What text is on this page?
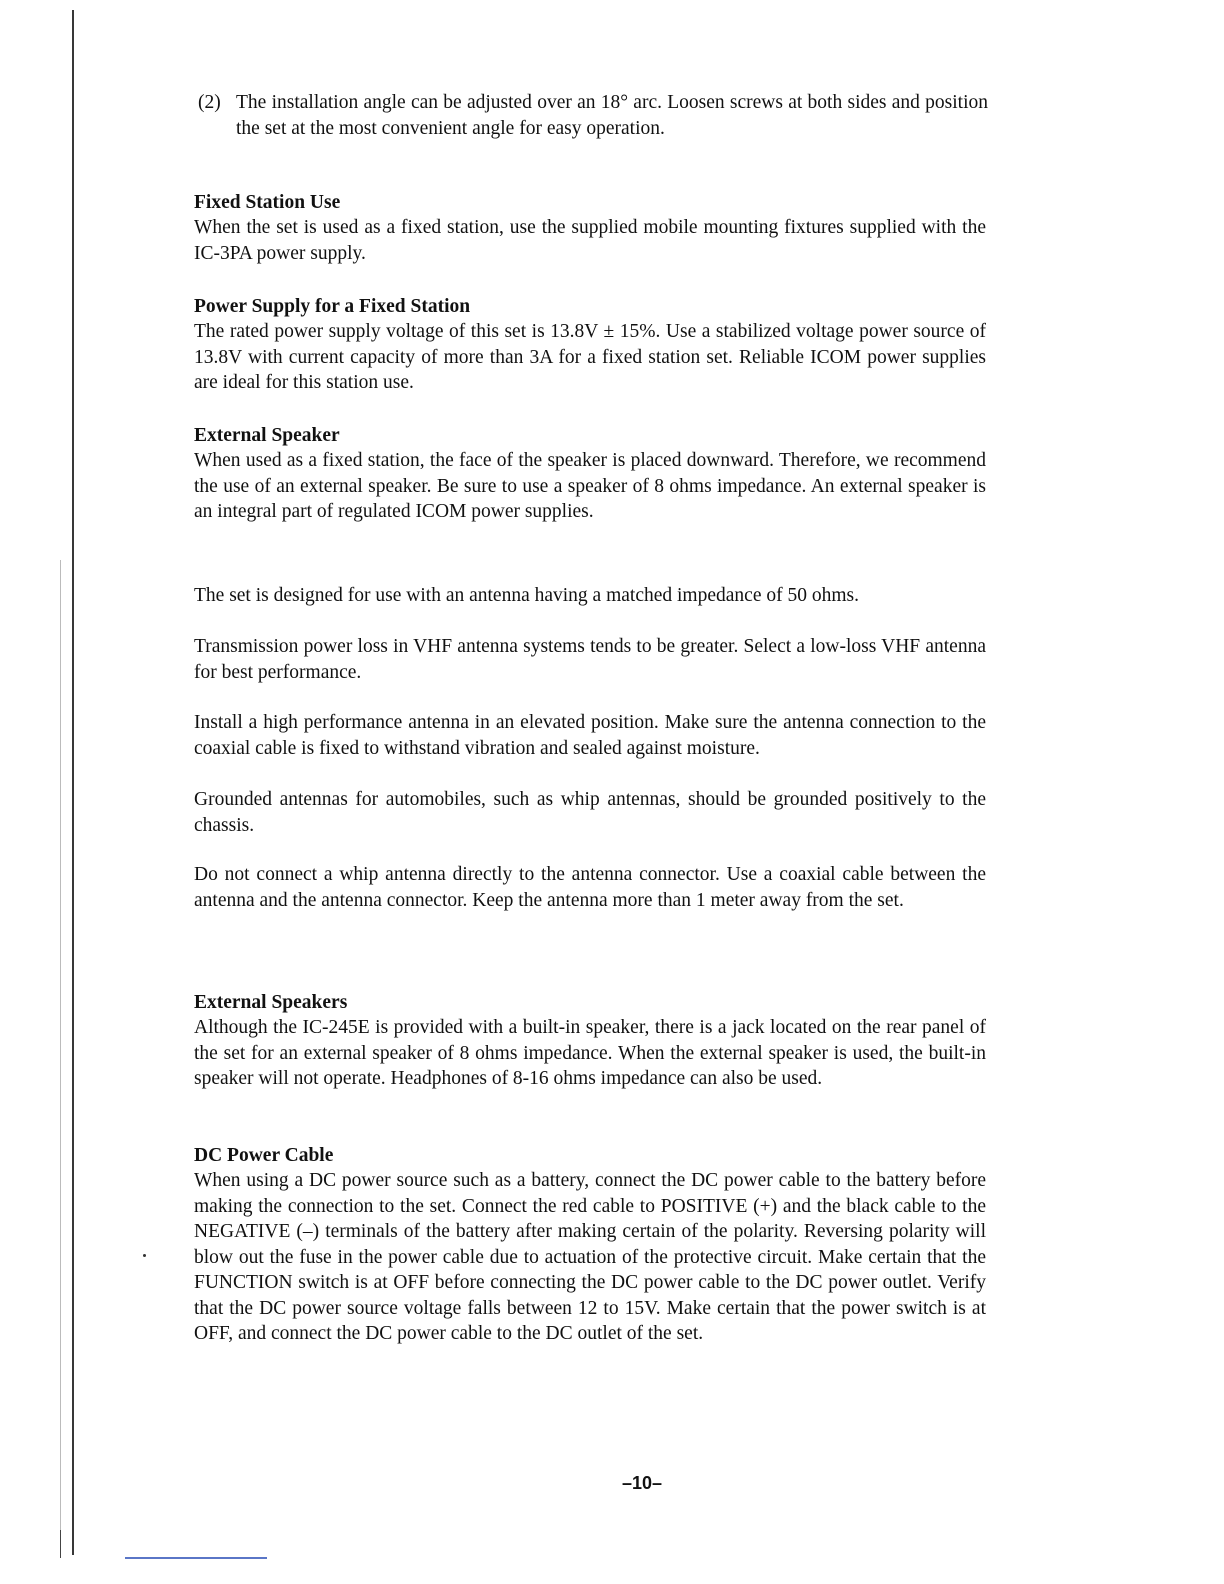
(2) The installation angle can be adjusted over an 18° arc. Loosen screws at both sides and position the set at the most convenient angle for easy operation.
Fixed Station Use

When the set is used as a fixed station, use the supplied mobile mounting fixtures supplied with the IC-3PA power supply.

Power Supply for a Fixed Station

The rated power supply voltage of this set is 13.8V ± 15%. Use a stabilized voltage power source of 13.8V with current capacity of more than 3A for a fixed station set. Reliable ICOM power supplies are ideal for this station use.

External Speaker

When used as a fixed station, the face of the speaker is placed downward. Therefore, we recommend the use of an external speaker. Be sure to use a speaker of 8 ohms impedance. An external speaker is an integral part of regulated ICOM power supplies.

The set is designed for use with an antenna having a matched impedance of 50 ohms.

Transmission power loss in VHF antenna systems tends to be greater. Select a low-loss VHF antenna for best performance.

Install a high performance antenna in an elevated position. Make sure the antenna connection to the coaxial cable is fixed to withstand vibration and sealed against moisture.

Grounded antennas for automobiles, such as whip antennas, should be grounded positively to the chassis.

Do not connect a whip antenna directly to the antenna connector. Use a coaxial cable between the antenna and the antenna connector. Keep the antenna more than 1 meter away from the set.

External Speakers

Although the IC-245E is provided with a built-in speaker, there is a jack located on the rear panel of the set for an external speaker of 8 ohms impedance. When the external speaker is used, the built-in speaker will not operate. Headphones of 8-16 ohms impedance can also be used.

DC Power Cable

When using a DC power source such as a battery, connect the DC power cable to the battery before making the connection to the set. Connect the red cable to POSITIVE (+) and the black cable to the NEGATIVE (–) terminals of the battery after making certain of the polarity. Reversing polarity will blow out the fuse in the power cable due to actuation of the protective circuit. Make certain that the FUNCTION switch is at OFF before connecting the DC power cable to the DC power outlet. Verify that the DC power source voltage falls between 12 to 15V. Make certain that the power switch is at OFF, and connect the DC power cable to the DC outlet of the set.

–10–
